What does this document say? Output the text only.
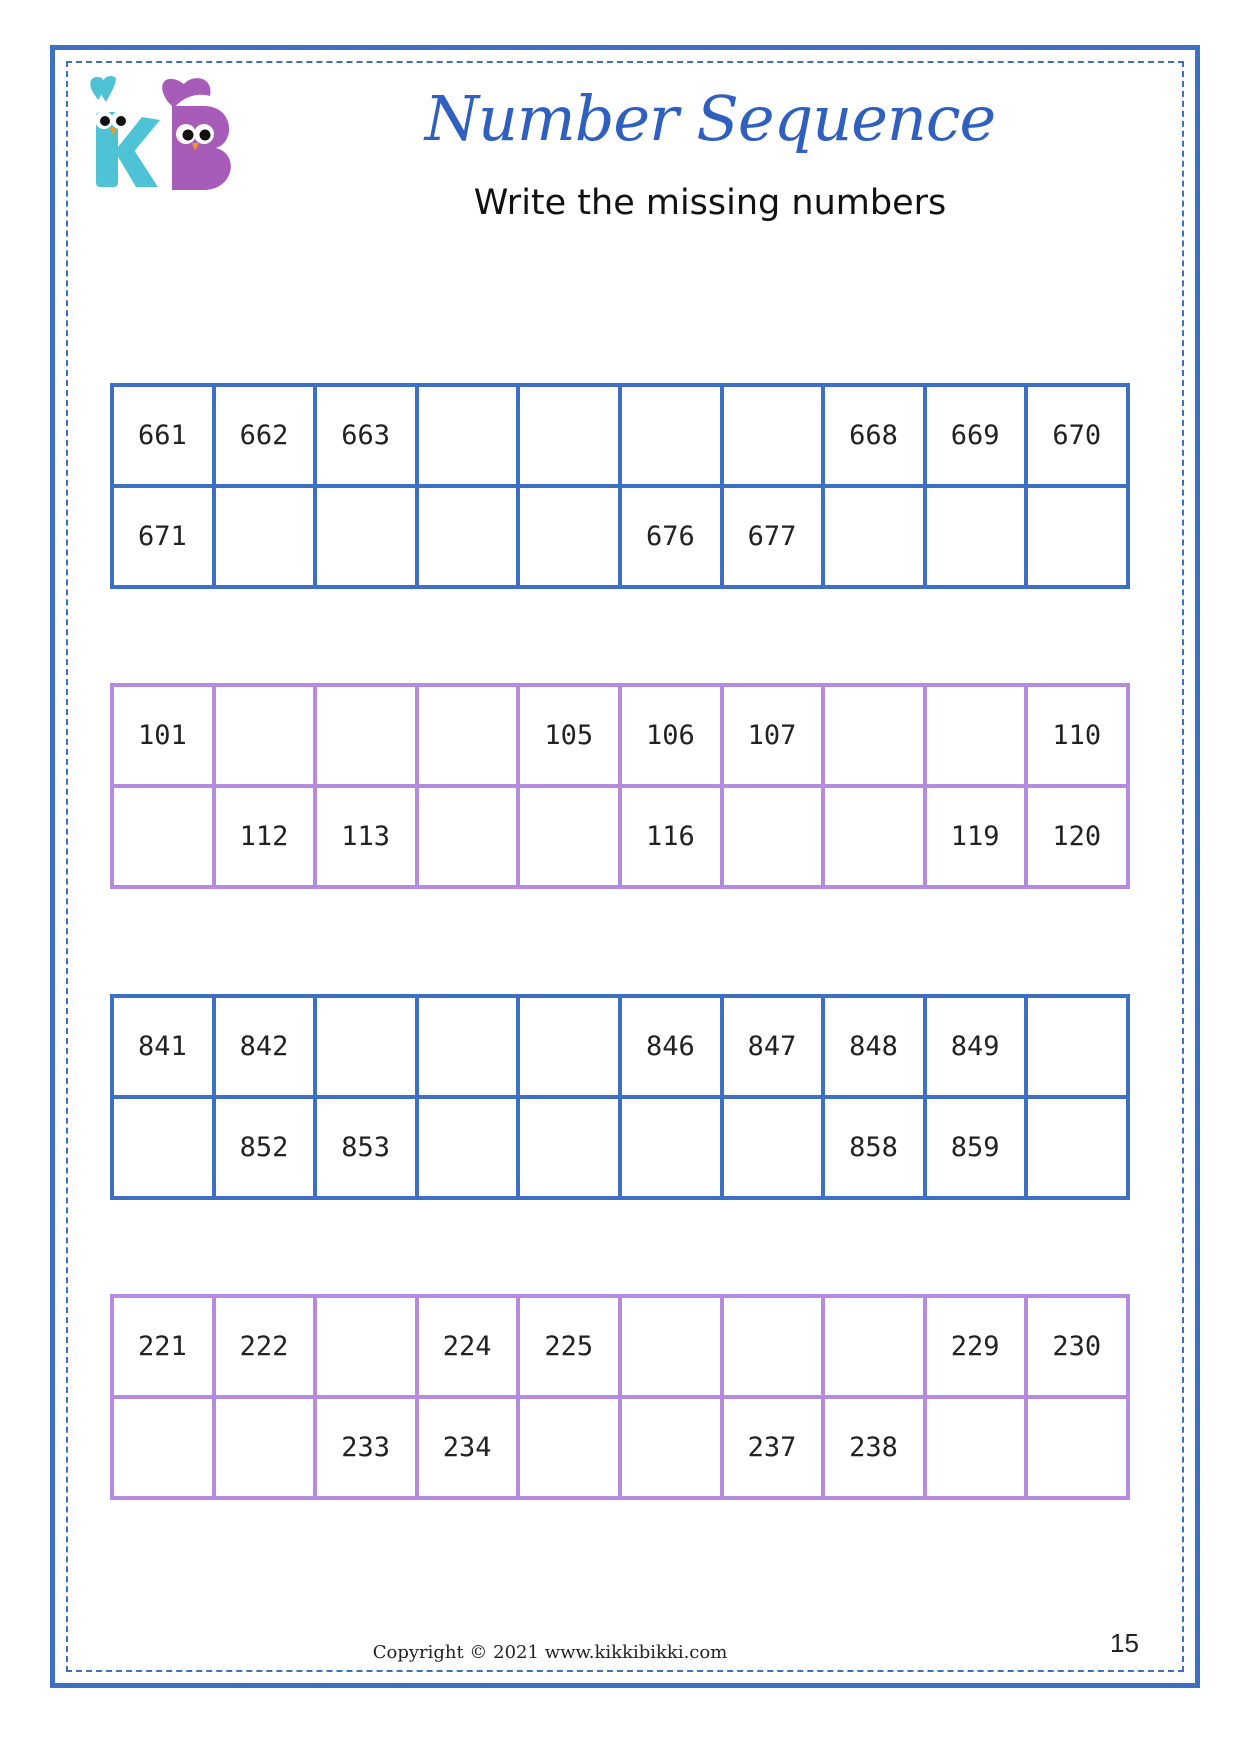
Number Sequence
Write the missing numbers
661	662	663					668	669	670
671					676	677			
101				105	106	107			110
	112	113			116			119	120
841	842				846	847	848	849	
	852	853					858	859	
221	222		224	225				229	230
		233	234			237	238		
Copyright © 2021 www.kikkibikki.com	15
